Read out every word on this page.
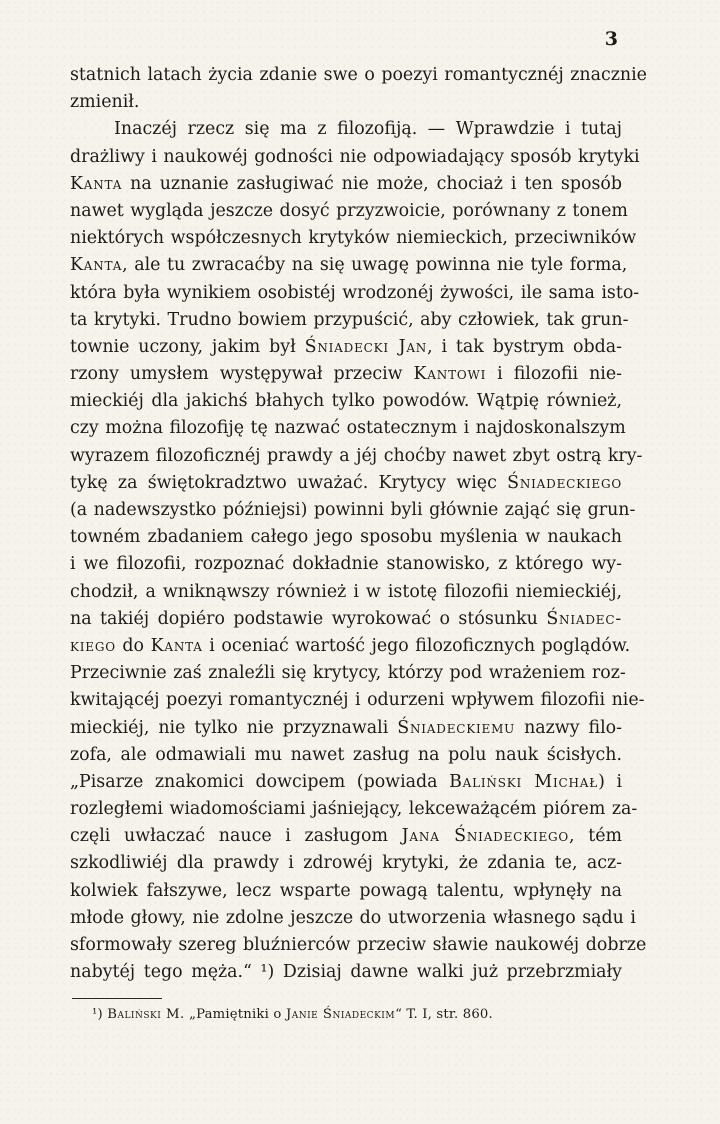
3
statnich latach życia zdanie swe o poezyi romantycznéj znacznie
zmienił.
Inaczéj rzecz się ma z filozofiją. — Wprawdzie i tutaj
drażliwy i naukowéj godności nie odpowiadający sposób krytyki
Kanta na uznanie zasługiwać nie może, chociaż i ten sposób
nawet wygląda jeszcze dosyć przyzwoicie, porównany z tonem
niektórych współczesnych krytyków niemieckich, przeciwników
Kanta, ale tu zwracaćby na się uwagę powinna nie tyle forma,
która była wynikiem osobistéj wrodzonéj żywości, ile sama isto-
ta krytyki. Trudno bowiem przypuścić, aby człowiek, tak grun-
townie uczony, jakim był Śniadecki Jan, i tak bystrym obda-
rzony umysłem występywał przeciw Kantowi i filozofii nie-
mieckiéj dla jakichś błahych tylko powodów. Wątpię również,
czy można filozofiję tę nazwać ostatecznym i najdoskonalszym
wyrazem filozoficznéj prawdy a jéj choćby nawet zbyt ostrą kry-
tykę za świętokradztwo uważać. Krytycy więc Śniadeckiego
(a nadewszystko późniejsi) powinni byli głównie zająć się grun-
towném zbadaniem całego jego sposobu myślenia w naukach
i we filozofii, rozpoznać dokładnie stanowisko, z którego wy-
chodził, a wniknąwszy również i w istotę filozofii niemieckiéj,
na takiéj dopiéro podstawie wyrokować o stósunku Śniadec-
kiego do Kanta i oceniać wartość jego filozoficznych poglądów.
Przeciwnie zaś znaleźli się krytycy, którzy pod wrażeniem roz-
kwitającéj poezyi romantycznéj i odurzeni wpływem filozofii nie-
mieckiéj, nie tylko nie przyznawali Śniadeckiemu nazwy filo-
zofa, ale odmawiali mu nawet zasług na polu nauk ścisłych.
„Pisarze znakomici dowcipem (powiada Baliński Michał) i
rozległemi wiadomościami jaśniejący, lekceważącém piórem za-
częli uwłaczać nauce i zasługom Jana Śniadeckiego, tém
szkodliwiéj dla prawdy i zdrowéj krytyki, że zdania te, acz-
kolwiek fałszywe, lecz wsparte powagą talentu, wpłynęły na
młode głowy, nie zdolne jeszcze do utworzenia własnego sądu i
sformowały szereg bluźnierców przeciw sławie naukowéj dobrze
nabytéj tego męża.“ ¹) Dzisiaj dawne walki już przebrzmiały
¹) Baliński M. „Pamiętniki o Janie Śniadeckim“ T. I, str. 860.
